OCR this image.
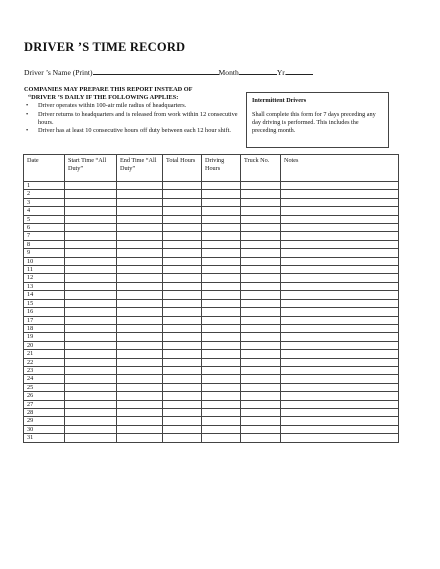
DRIVER ’S TIME RECORD
Driver ’s Name (Print)	Month	Yr.
COMPANIES MAY PREPARE THIS REPORT INSTEAD OF
“DRIVER ’S DAILY IF THE FOLLOWING APPLIES:
• Driver operates within 100-air mile radius of headquarters.
• Driver returns to headquarters and is released from work within 12 consecutive hours.
• Driver has at least 10 consecutive hours off duty between each 12 hour shift.
Intermittent Drivers
Shall complete this form for 7 days preceding any day driving is performed. This includes the preceding month.
Date	Start Time “All Duty”	End Time “All Duty”	Total Hours	Driving Hours	Truck No.	Notes
1						
2						
3						
4						
5						
6						
7						
8						
9						
10						
11						
12						
13						
14						
15						
16						
17						
18						
19						
20						
21						
22						
23						
24						
25						
26						
27						
28						
29						
30						
31						
